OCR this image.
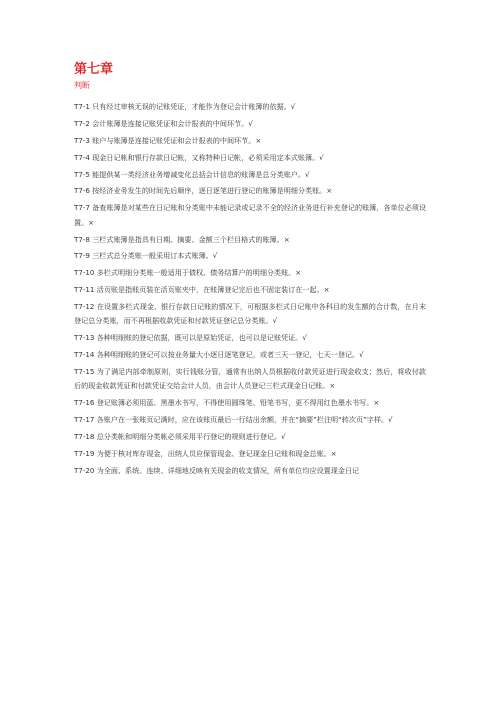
第七章
判断
T7-1 只有经过审核无误的记账凭证，才能作为登记会计账簿的依据。√
T7-2 会计账簿是连接记账凭证和会计报表的中间环节。√
T7-3 账户与账簿是连接记账凭证和会计报表的中间环节。×
T7-4 现金日记帐和银行存款日记帐，又称特种日记帐，必须采用定本式账簿。√
T7-5 能提供某一类经济业务增减变化总括会计信息的账簿是总分类账户。√
T7-6 按经济业务发生的时间先后顺序，逐日逐笔进行登记的账簿是明细分类账。×
T7-7 备查账簿是对某些在日记账和分类账中未能记录或记录不全的经济业务进行补充登记的账簿，各单位必须设置。×
T7-8 三栏式账簿是指具有日期、摘要、金额三个栏目格式的账簿。×
T7-9 三栏式总分类账一般采用订本式账簿。√
T7-10 多栏式明细分类账一般适用于债权、债务结算户的明细分类账。×
T7-11 活页账是指账页装在活页账夹中，在账簿登记完后也不固定装订在一起。×
T7-12 在设置多栏式现金、银行存款日记账的情况下，可根据多栏式日记账中各科目的发生额的合计数，在月末登记总分类账，而不再根据收款凭证和付款凭证登记总分类账。√
T7-13 各种明细账的登记依据，既可以是原始凭证，也可以是记账凭证。√
T7-14 各种明细账的登记可以按业务量大小逐日逐笔登记，或者三天一登记，七天一登记。√
T7-15 为了满足内部牵制原则，实行钱账分管，通常有出纳人员根据收付款凭证进行现金收支；然后，将收付款后的现金收款凭证和付款凭证交给会计人员，由会计人员登记三栏式现金日记账。×
T7-16 登记账簿必须用蓝、黑墨水书写，不得使用圆珠笔、铅笔书写，更不得用红色墨水书写。×
T7-17 各账户在一张账页记满时，应在该账页最后一行结出余额，并在“摘要”栏注明“转次页”字样。√
T7-18 总分类帐和明细分类帐必须采用平行登记的规则进行登记。√
T7-19 为便于核对库存现金，出纳人员应保管现金、登记现金日记账和现金总账。×
T7-20 为全面、系统、连续、详细地反映有关现金的收支情况，所有单位均应设置现金日记
